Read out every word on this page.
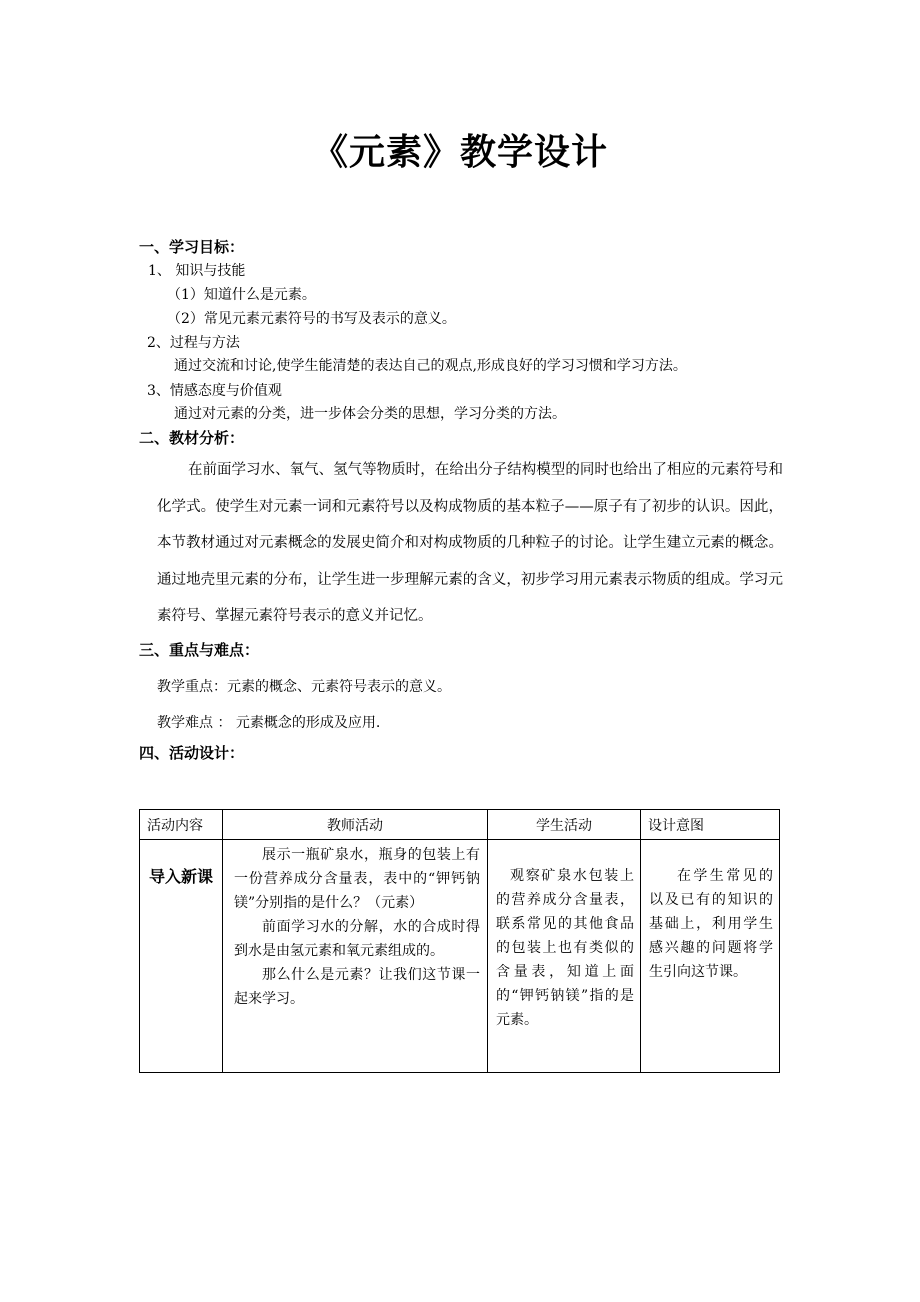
《元素》教学设计
一、学习目标：
1、 知识与技能
（1）知道什么是元素。
（2）常见元素元素符号的书写及表示的意义。
2、过程与方法
通过交流和讨论,使学生能清楚的表达自己的观点,形成良好的学习习惯和学习方法。
3、情感态度与价值观
通过对元素的分类，进一步体会分类的思想，学习分类的方法。
二、教材分析：
在前面学习水、氧气、氢气等物质时，在给出分子结构模型的同时也给出了相应的元素符号和化学式。使学生对元素一词和元素符号以及构成物质的基本粒子——原子有了初步的认识。因此，本节教材通过对元素概念的发展史简介和对构成物质的几种粒子的讨论。让学生建立元素的概念。通过地壳里元素的分布，让学生进一步理解元素的含义，初步学习用元素表示物质的组成。学习元素符号、掌握元素符号表示的意义并记忆。
三、重点与难点：
教学重点：元素的概念、元素符号表示的意义。
教学难点 ： 元素概念的形成及应用.
四、活动设计：
活动内容	教师活动	学生活动	设计意图

导入新课	展示一瓶矿泉水，瓶身的包装上有一份营养成分含量表，表中的“钾钙钠镁”分别指的是什么？（元素）

前面学习水的分解，水的合成时得到水是由氢元素和氧元素组成的。

那么什么是元素？让我们这节课一起来学习。	观察矿泉水包装上的营养成分含量表，联系常见的其他食品的包装上也有类似的含量表，知道上面的“钾钙钠镁”指的是元素。	在学生常见的以及已有的知识的基础上，利用学生感兴趣的问题将学生引向这节课。
